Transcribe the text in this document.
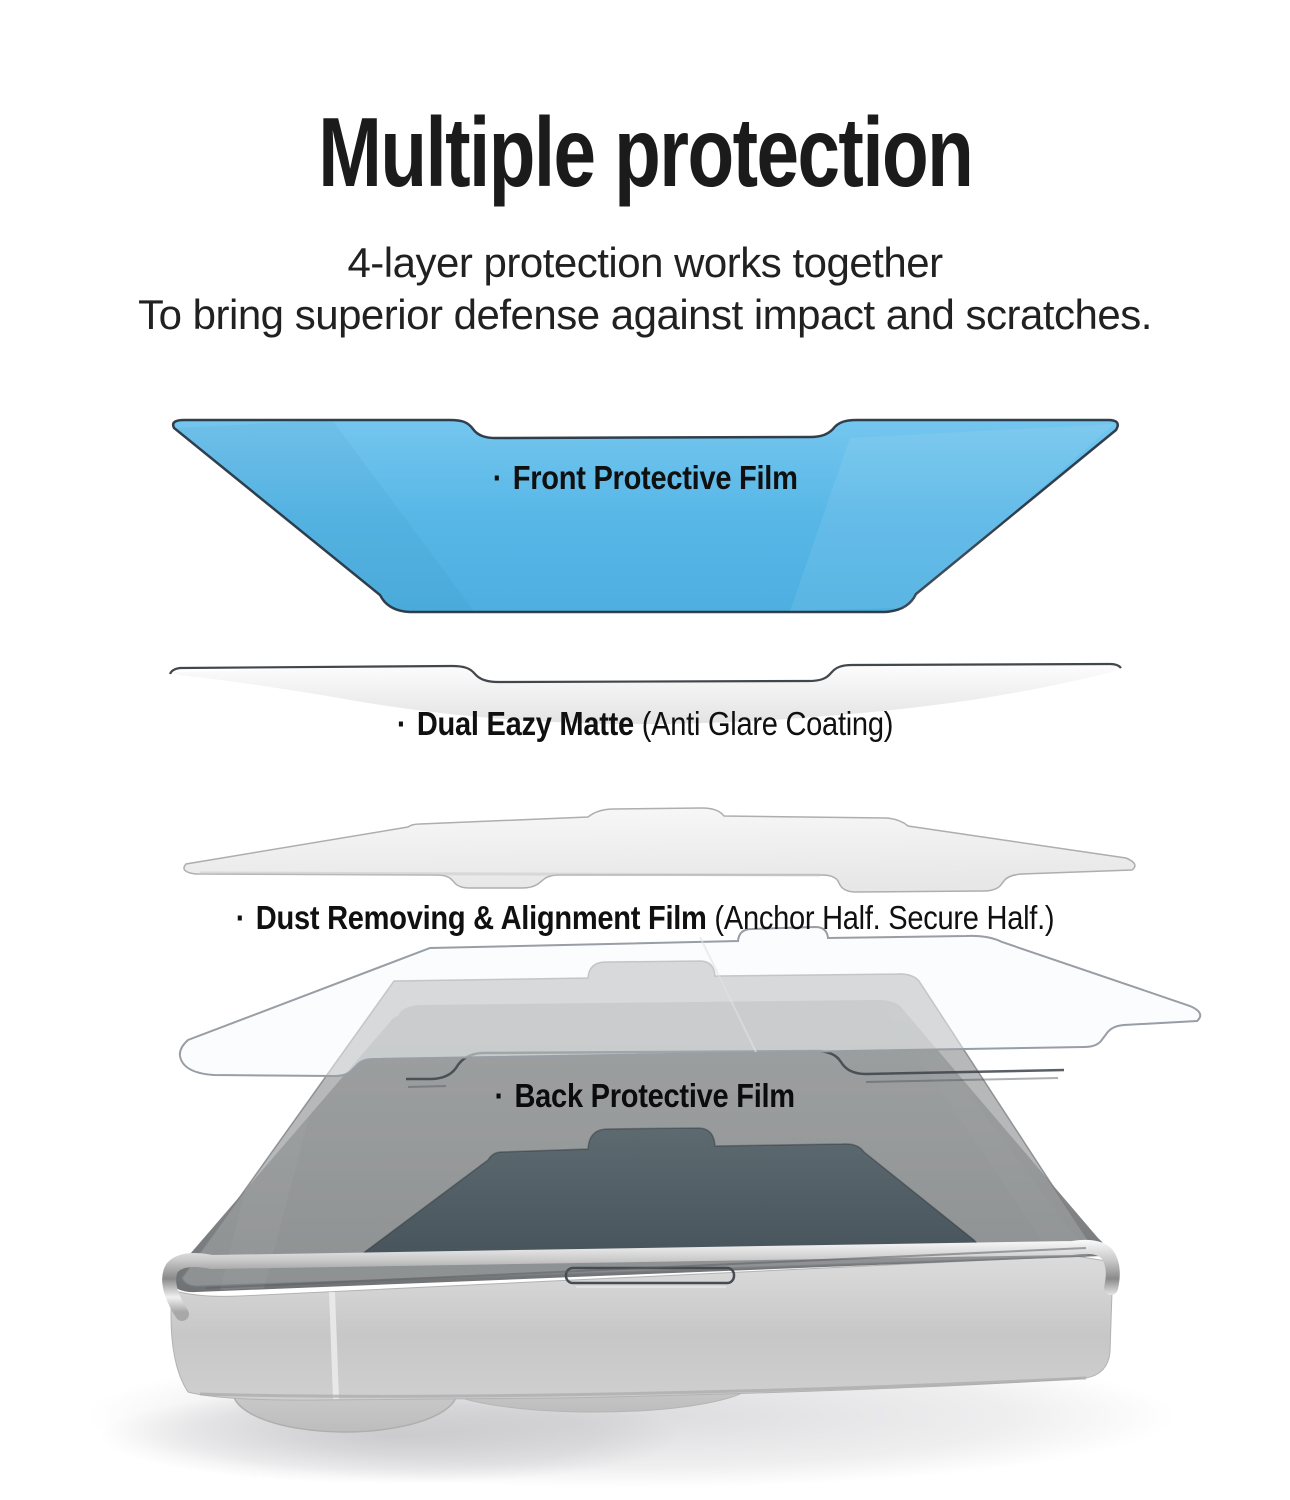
Multiple protection
4-layer protection works together
To bring superior defense against impact and scratches.
· Front Protective Film
· Dual Eazy Matte (Anti Glare Coating)
· Dust Removing & Alignment Film (Anchor Half. Secure Half.)
· Back Protective Film
